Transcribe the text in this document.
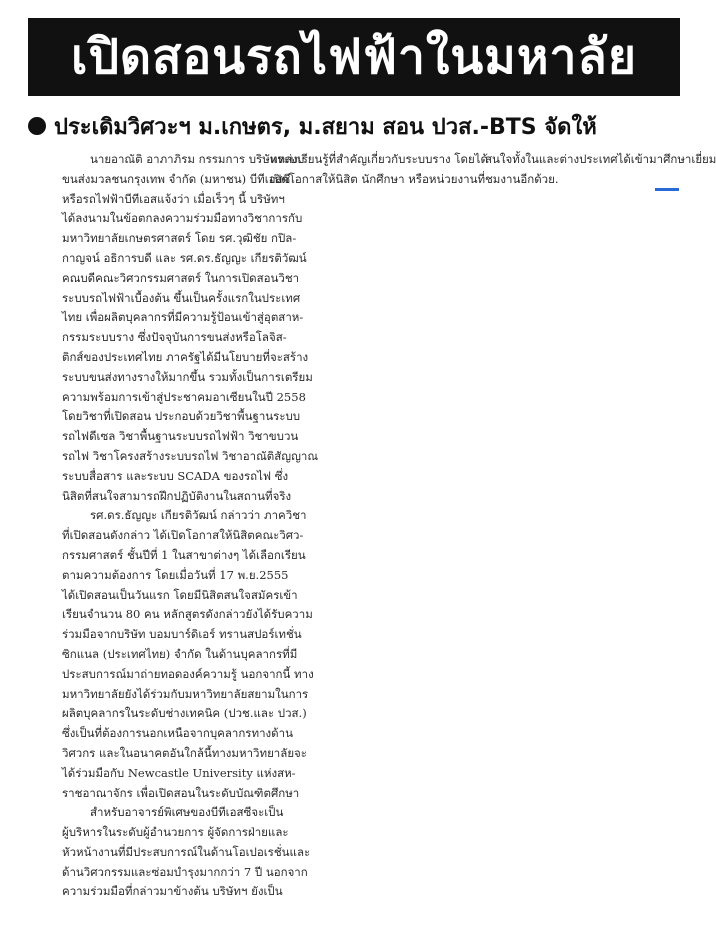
เปิดสอนรถไฟฟ้าในมหาลัย
ประเดิมวิศวะฯ ม.เกษตร, ม.สยาม สอน ปวส.-BTS จัดให้
นายอาณัติ อาภาภิรม กรรมการ บริษัทระบบ
ขนส่งมวลชนกรุงเทพ จำกัด (มหาชน) บีทีเอสซี
หรือรถไฟฟ้าบีทีเอสแจ้งว่า เมื่อเร็วๆ นี้ บริษัทฯ
ได้ลงนามในข้อตกลงความร่วมมือทางวิชาการกับ
มหาวิทยาลัยเกษตรศาสตร์ โดย รศ.วุฒิชัย กปิล-
กาญจน์ อธิการบดี และ รศ.ดร.ธัญญะ เกียรติวัฒน์
คณบดีคณะวิศวกรรมศาสตร์ ในการเปิดสอนวิชา
ระบบรถไฟฟ้าเบื้องต้น ขึ้นเป็นครั้งแรกในประเทศ
ไทย เพื่อผลิตบุคลากรที่มีความรู้ป้อนเข้าสู่อุตสาห-
กรรมระบบราง ซึ่งปัจจุบันการขนส่งหรือโลจิส-
ติกส์ของประเทศไทย ภาครัฐได้มีนโยบายที่จะสร้าง
ระบบขนส่งทางรางให้มากขึ้น รวมทั้งเป็นการเตรียม
ความพร้อมการเข้าสู่ประชาคมอาเซียนในปี 2558
โดยวิชาที่เปิดสอน ประกอบด้วยวิชาพื้นฐานระบบ
รถไฟดีเซล วิชาพื้นฐานระบบรถไฟฟ้า วิชาขบวน
รถไฟ วิชาโครงสร้างระบบรถไฟ วิชาอาณัติสัญญาณ
ระบบสื่อสาร และระบบ SCADA ของรถไฟ ซึ่ง
นิสิตที่สนใจสามารถฝึกปฏิบัติงานในสถานที่จริง
รศ.ดร.ธัญญะ เกียรติวัฒน์ กล่าวว่า ภาควิชา
ที่เปิดสอนดังกล่าว ได้เปิดโอกาสให้นิสิตคณะวิศว-
กรรมศาสตร์ ชั้นปีที่ 1 ในสาขาต่างๆ ได้เลือกเรียน
ตามความต้องการ โดยเมื่อวันที่ 17 พ.ย.2555
ได้เปิดสอนเป็นวันแรก โดยมีนิสิตสนใจสมัครเข้า
เรียนจำนวน 80 คน หลักสูตรดังกล่าวยังได้รับความ
ร่วมมือจากบริษัท บอมบาร์ดิเอร์ ทรานสปอร์เทชั่น
ซิกแนล (ประเทศไทย) จำกัด ในด้านบุคลากรที่มี
ประสบการณ์มาถ่ายทอดองค์ความรู้ นอกจากนี้ ทาง
มหาวิทยาลัยยังได้ร่วมกับมหาวิทยาลัยสยามในการ
ผลิตบุคลากรในระดับช่างเทคนิค (ปวช.และ ปวส.)
ซึ่งเป็นที่ต้องการนอกเหนือจากบุคลากรทางด้าน
วิศวกร และในอนาคตอันใกล้นี้ทางมหาวิทยาลัยจะ
ได้ร่วมมือกับ Newcastle University แห่งสห-
ราชอาณาจักร เพื่อเปิดสอนในระดับบัณฑิตศึกษา
สำหรับอาจารย์พิเศษของบีทีเอสซีจะเป็น
ผู้บริหารในระดับผู้อำนวยการ ผู้จัดการฝ่ายและ
หัวหน้างานที่มีประสบการณ์ในด้านโอเปอเรชั่นและ
ด้านวิศวกรรมและซ่อมบำรุงมากกว่า 7 ปี นอกจาก
ความร่วมมือที่กล่าวมาข้างต้น บริษัทฯ ยังเป็น
แหล่งเรียนรู้ที่สำคัญเกี่ยวกับระบบราง โดยได้
เปิดโอกาสให้นิสิต นักศึกษา หรือหน่วยงานที่
สนใจทั้งในและต่างประเทศได้เข้ามาศึกษาเยี่ยม
ชมงานอีกด้วย.
